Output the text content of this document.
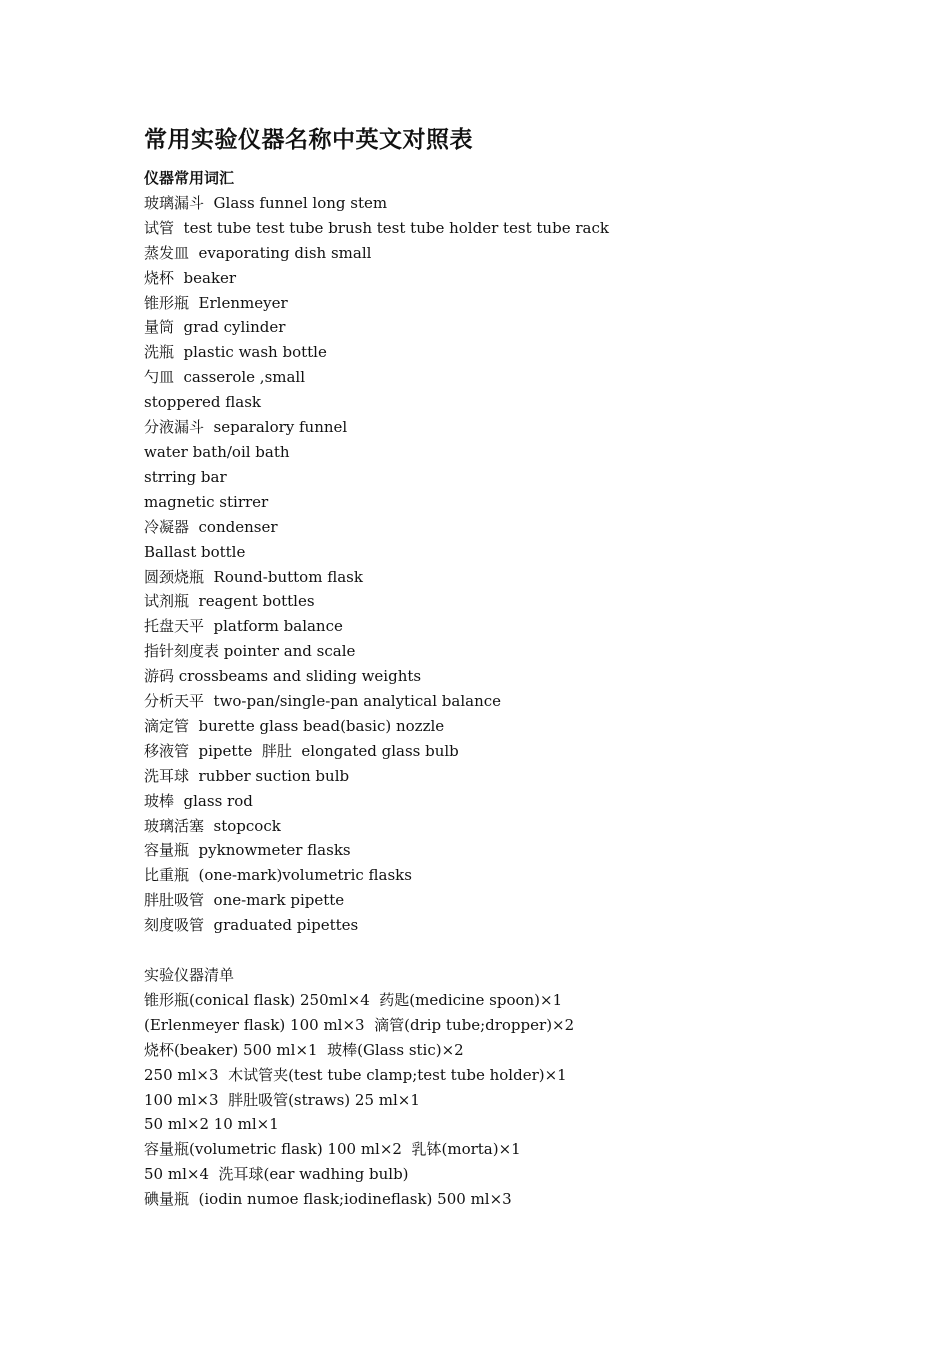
常用实验仪器名称中英文对照表
仪器常用词汇

玻璃漏斗  Glass funnel long stem

试管  test tube test tube brush test tube holder test tube rack

蒸发皿  evaporating dish small

烧杯  beaker

锥形瓶  Erlenmeyer

量筒  grad cylinder

洗瓶  plastic wash bottle

勺皿  casserole ,small

stoppered flask

分液漏斗  separalory funnel

water bath/oil bath

strring bar

magnetic stirrer

冷凝器  condenser

Ballast bottle

圆颈烧瓶  Round-buttom flask

试剂瓶  reagent bottles

托盘天平  platform balance

指针刻度表 pointer and scale

游码 crossbeams and sliding weights

分析天平  two-pan/single-pan analytical balance

滴定管  burette glass bead(basic) nozzle

移液管  pipette  胖肚  elongated glass bulb

洗耳球  rubber suction bulb

玻棒  glass rod

玻璃活塞  stopcock

容量瓶  pyknowmeter flasks

比重瓶  (one-mark)volumetric flasks

胖肚吸管  one-mark pipette

刻度吸管  graduated pipettes

实验仪器清单

锥形瓶(conical flask) 250ml×4  药匙(medicine spoon)×1

(Erlenmeyer flask) 100 ml×3  滴管(drip tube;dropper)×2

烧杯(beaker) 500 ml×1  玻棒(Glass stic)×2

250 ml×3  木试管夹(test tube clamp;test tube holder)×1

100 ml×3  胖肚吸管(straws) 25 ml×1

50 ml×2 10 ml×1

容量瓶(volumetric flask) 100 ml×2  乳钵(morta)×1

50 ml×4  洗耳球(ear wadhing bulb)

碘量瓶  (iodin numoe flask;iodineflask) 500 ml×3
